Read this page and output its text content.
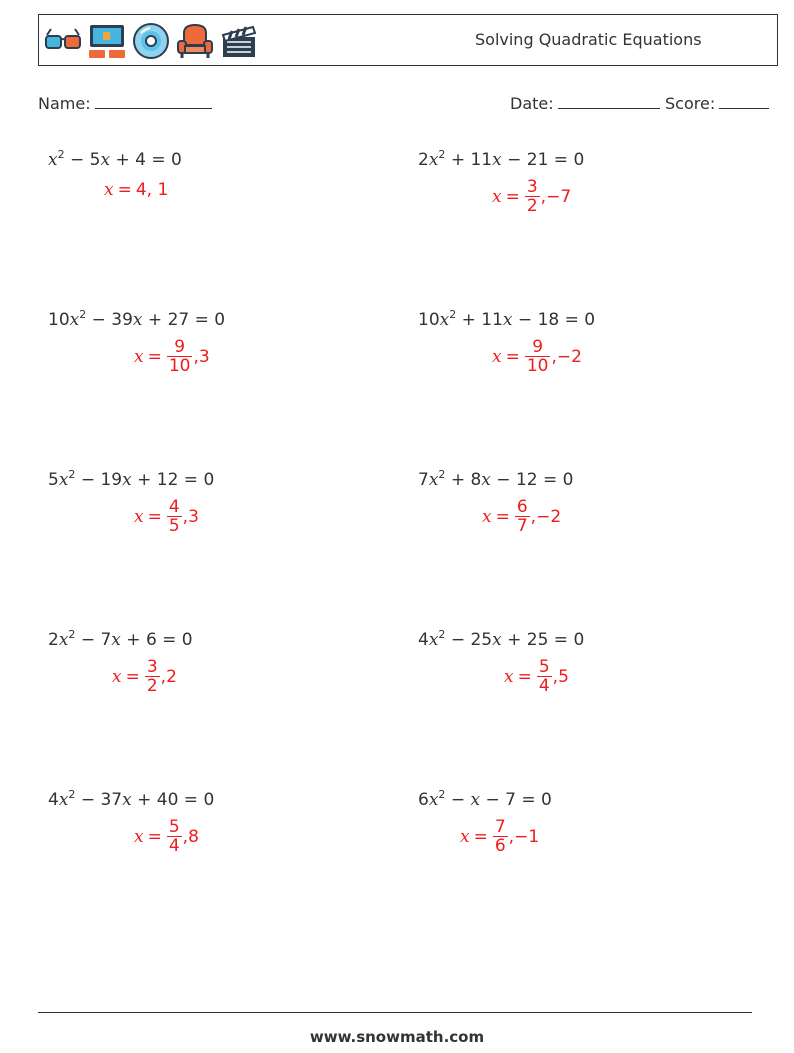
Solving Quadratic Equations
Name:	Date:	Score:
$x^2 - 5x + 4 = 0$
x = 4, 1
$2x^2 + 11x - 21 = 0$
$x = \frac{3}{2} ,-7$
$10x^2 - 39x + 27 = 0$
$x = \frac{9}{10} ,3$
$10x^2 + 11x - 18 = 0$
$x = \frac{9}{10} ,-2$
$5x^2 - 19x + 12 = 0$
$x = \frac{4}{5} ,3$
$7x^2 + 8x - 12 = 0$
$x = \frac{6}{7} ,-2$
$2x^2 - 7x + 6 = 0$
$x = \frac{3}{2} ,2$
$4x^2 - 25x + 25 = 0$
$x = \frac{5}{4} ,5$
$4x^2 - 37x + 40 = 0$
$x = \frac{5}{4} ,8$
$6x^2 - x - 7 = 0$
$x = \frac{7}{6} ,-1$
www.snowmath.com
